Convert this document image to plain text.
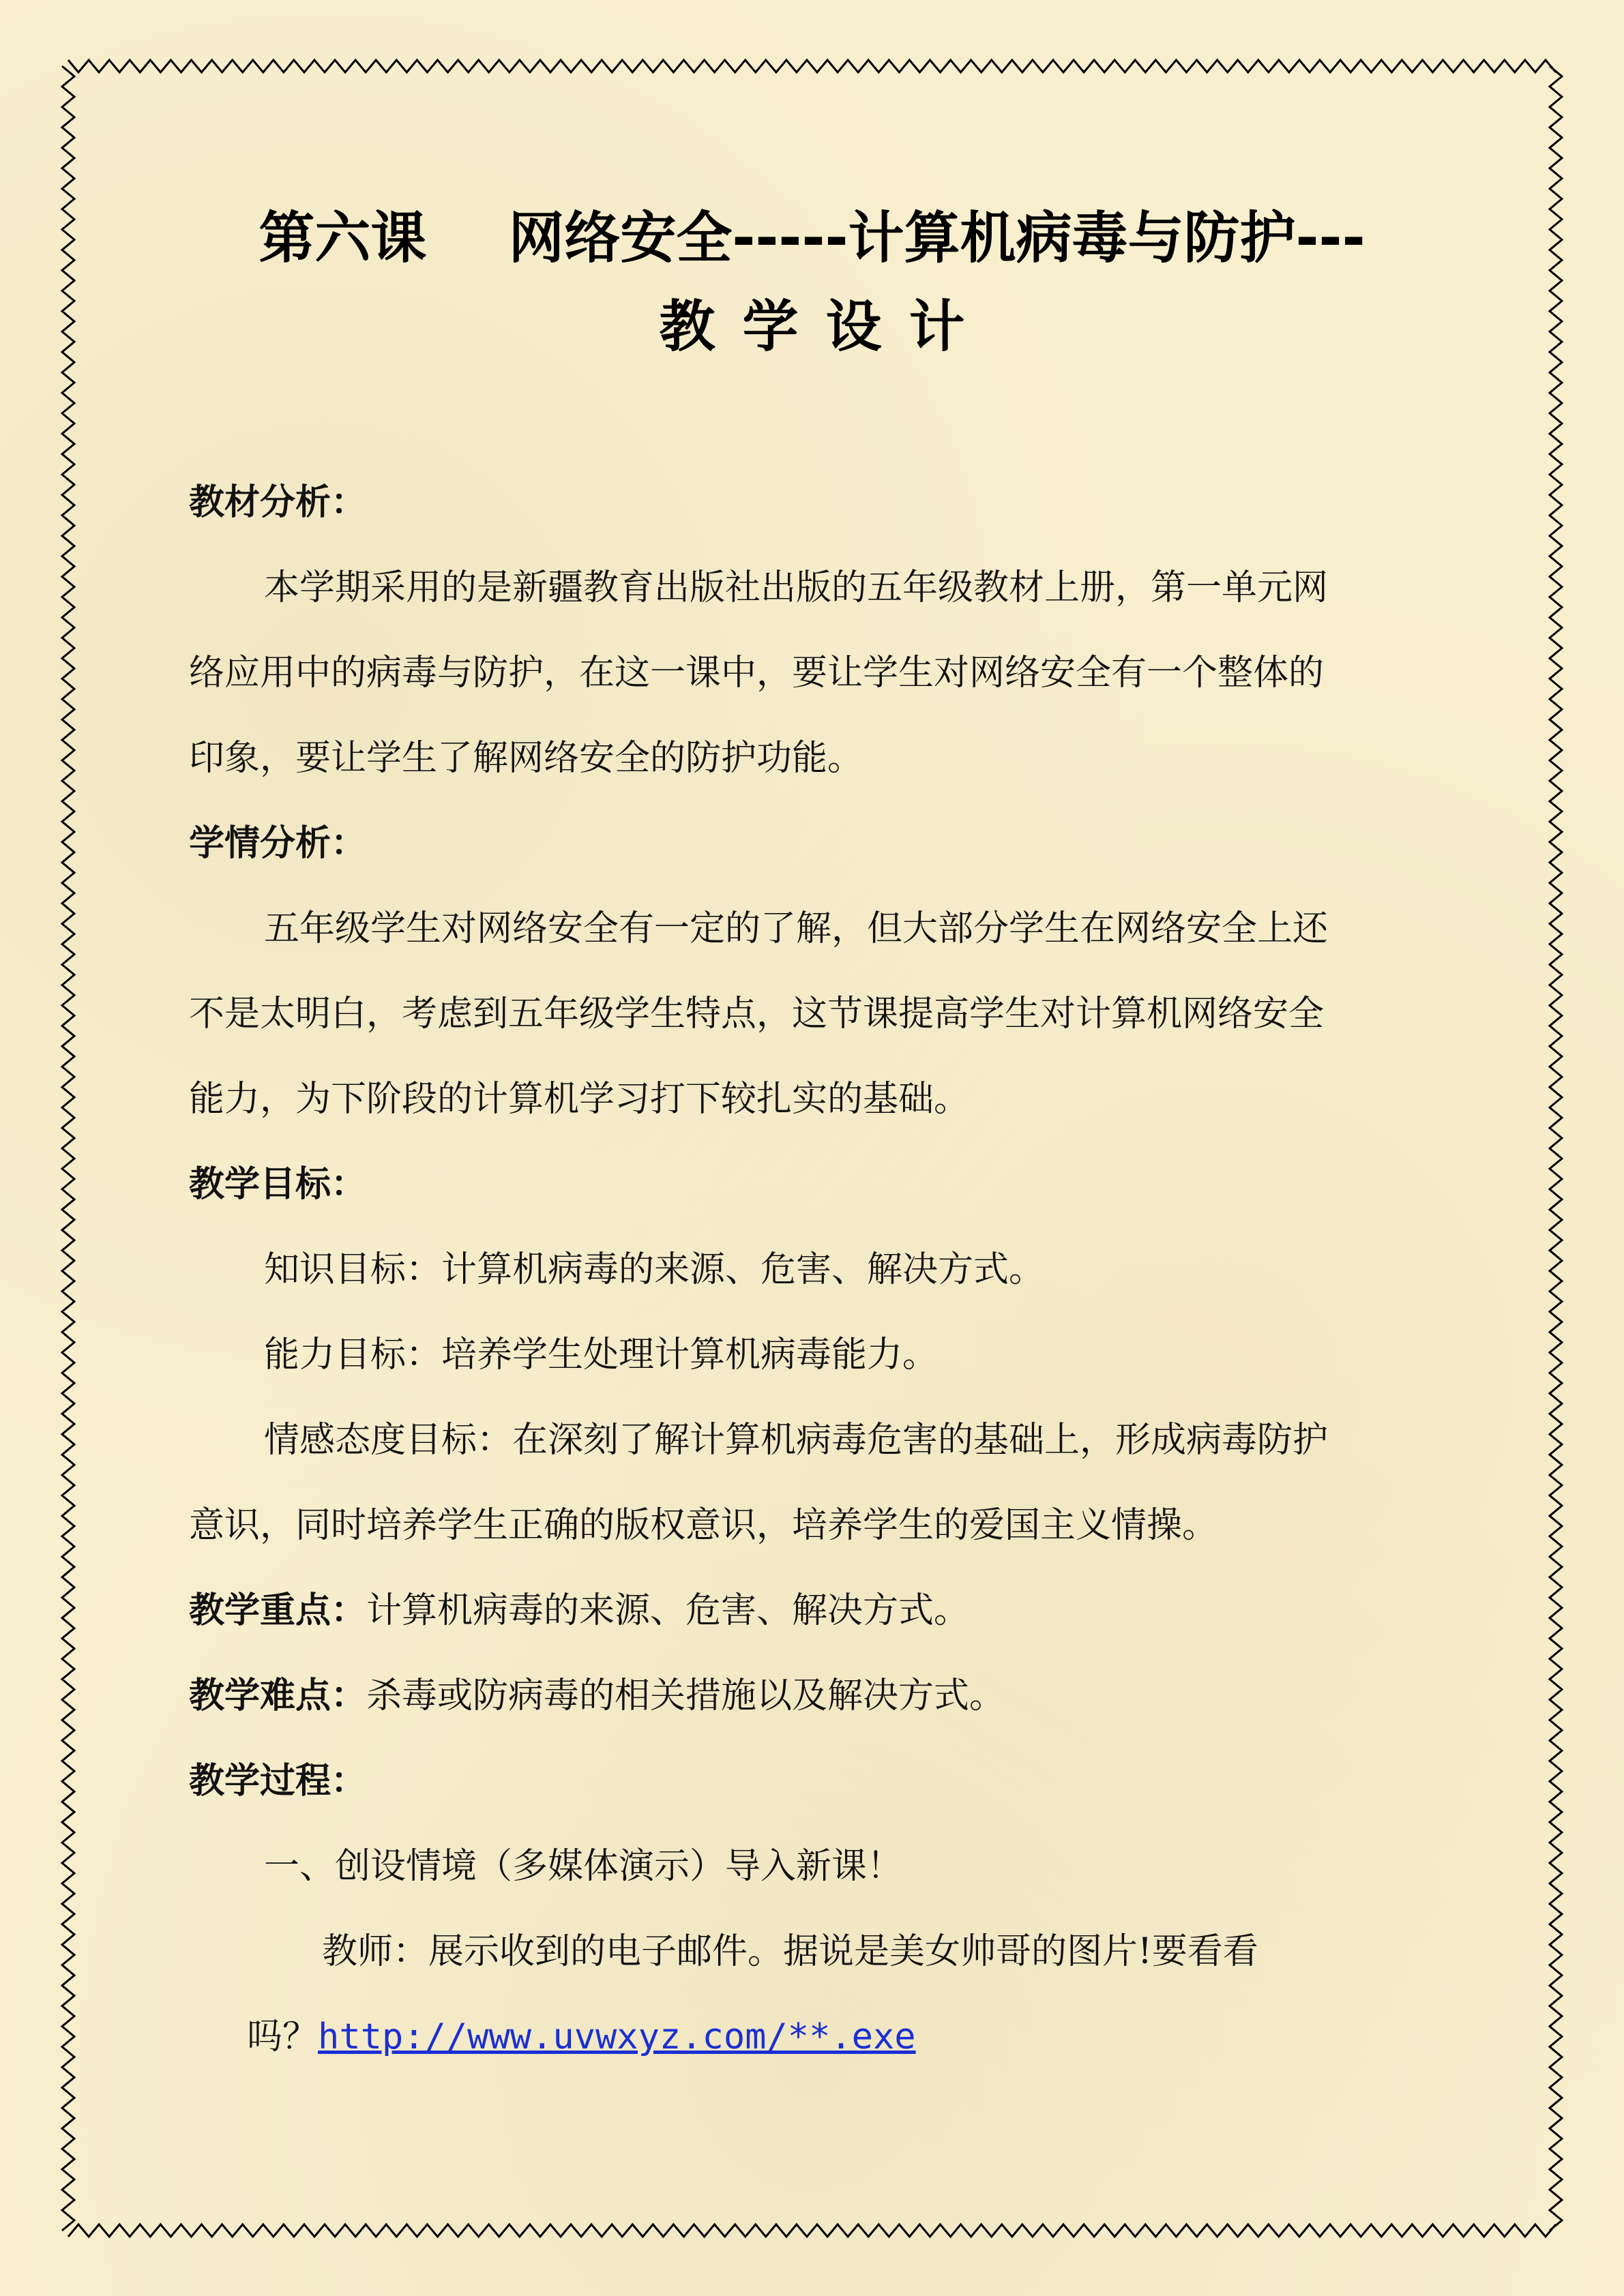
第六课 网络安全-----计算机病毒与防护---
教学设计

教材分析：

本学期采用的是新疆教育出版社出版的五年级教材上册，第一单元网

络应用中的病毒与防护，在这一课中，要让学生对网络安全有一个整体的

印象，要让学生了解网络安全的防护功能。

学情分析：

五年级学生对网络安全有一定的了解，但大部分学生在网络安全上还

不是太明白，考虑到五年级学生特点，这节课提高学生对计算机网络安全

能力，为下阶段的计算机学习打下较扎实的基础。

教学目标：

知识目标：计算机病毒的来源、危害、解决方式。

能力目标：培养学生处理计算机病毒能力。

情感态度目标：在深刻了解计算机病毒危害的基础上，形成病毒防护

意识，同时培养学生正确的版权意识，培养学生的爱国主义情操。

教学重点：计算机病毒的来源、危害、解决方式。

教学难点：杀毒或防病毒的相关措施以及解决方式。

教学过程：

一、创设情境（多媒体演示）导入新课！

教师：展示收到的电子邮件。据说是美女帅哥的图片!要看看

吗？http://www.uvwxyz.com/**.exe
